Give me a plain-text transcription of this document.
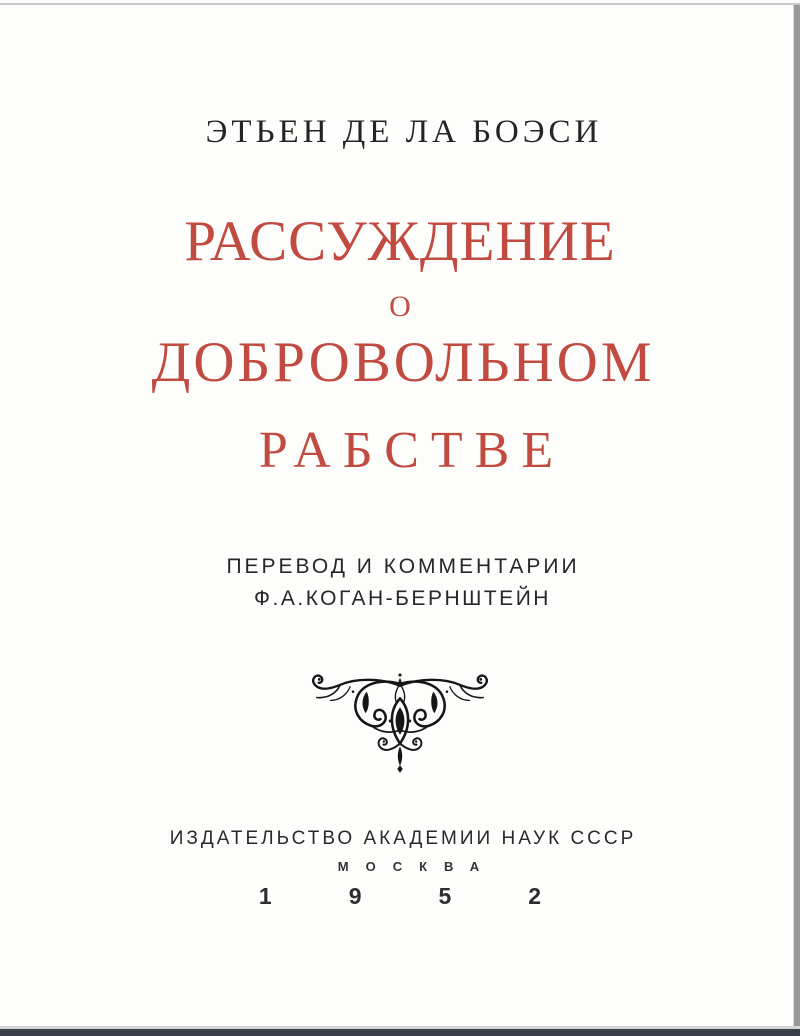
ЭТЬЕН ДЕ ЛА БОЭСИ
РАССУЖДЕНИЕ
О
ДОБРОВОЛЬНОМ
РАБСТВЕ
ПЕРЕВОД И КОММЕНТАРИИ
Ф.А.КОГАН-БЕРНШТЕЙН
ИЗДАТЕЛЬСТВО АКАДЕМИИ НАУК СССР
МОСКВА
1	9	5	2
